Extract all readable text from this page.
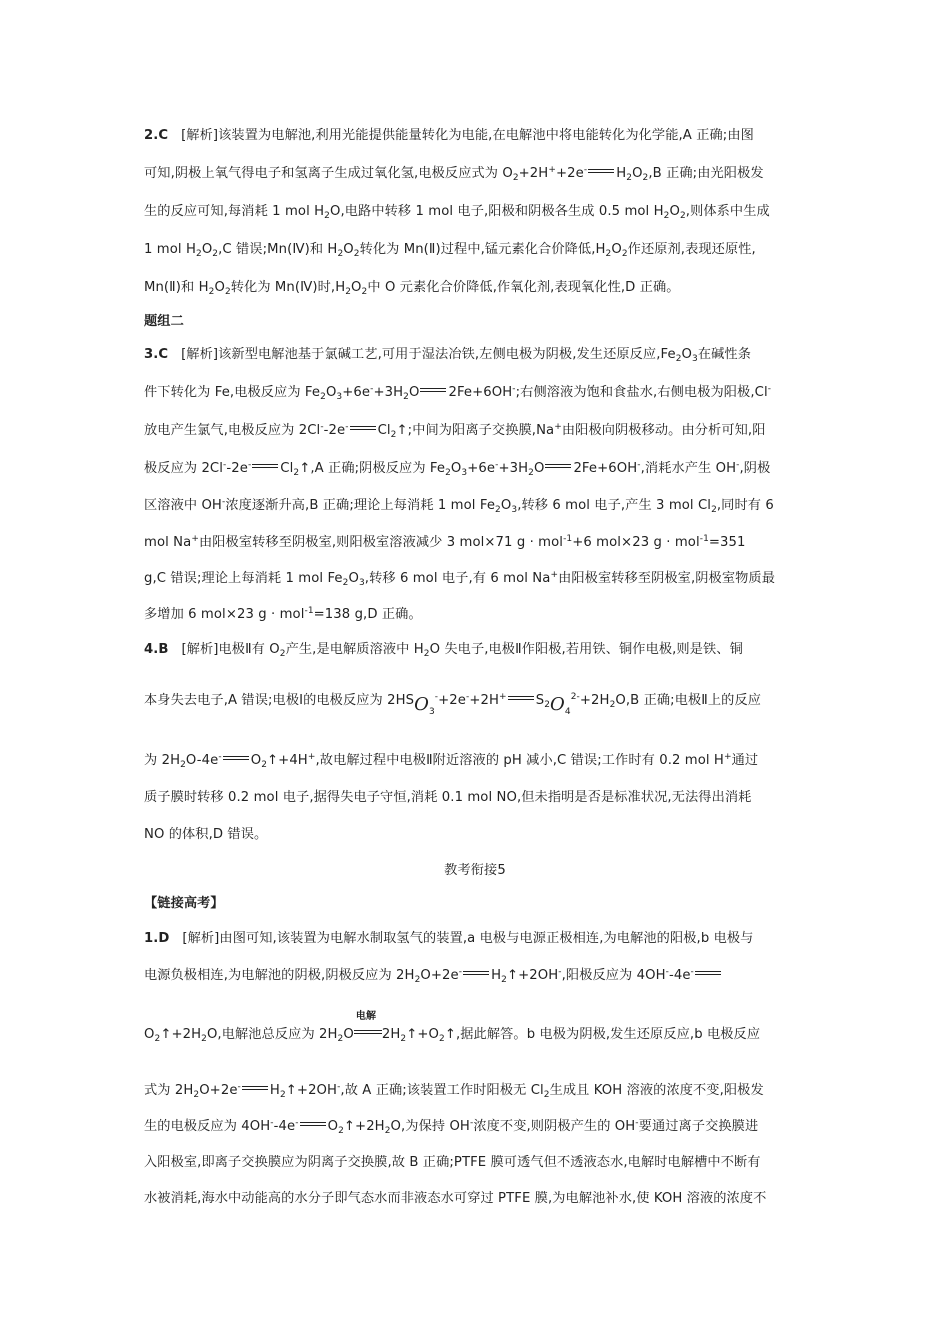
2.C [解析]该装置为电解池,利用光能提供能量转化为电能,在电解池中将电能转化为化学能,A 正确;由图
可知,阴极上氧气得电子和氢离子生成过氧化氢,电极反应式为 $O_2+2H^++2e^-$ $H_2O_2,B$ 正确;由光阳极发
生的反应可知,每消耗 1 mol $H_2O$,电路中转移 1 mol 电子,阳极和阴极各生成 0.5 mol $H_2O_2$,则体系中生成
1 mol $H_2O_2,C$ 错误;Mn(Ⅳ)和 $H_2O_2$转化为 Mn(Ⅱ)过程中,锰元素化合价降低$,H_2O_2$作还原剂,表现还原性,
Mn(Ⅱ)和 $H_2O_2$转化为 Mn(Ⅳ)时$,H_2O_2$中 O 元素化合价降低,作氧化剂,表现氧化性,D 正确。
题组二
3.C [解析]该新型电解池基于氯碱工艺,可用于湿法冶铁,左侧电极为阴极,发生还原反应$,Fe_2O_3$在碱性条
件下转化为 Fe,电极反应为 $Fe_2O_3+6e^-+3H_2O$ 2Fe+6OH-;右侧溶液为饱和食盐水,右侧电极为阳极,Cl-
放电产生氯气,电极反应为 2Cl--2e- $Cl_2↑$;中间为阳离子交换膜,Na+由阳极向阴极移动。由分析可知,阳
极反应为 2Cl--2e- $Cl_2↑,A$ 正确;阴极反应为 $Fe_2O_3+6e^-+3H_2O$ 2Fe+6OH-,消耗水产生 OH-,阴极
区溶液中 OH-浓度逐渐升高,B 正确;理论上每消耗 1 mol $Fe_2O_3$,转移 6 mol 电子,产生 3 mol $Cl_2$,同时有 6
mol Na+由阳极室转移至阴极室,则阳极室溶液减少 3 mol×71 g · mol$^{-1}$+6 mol×23 g · mol$^{-1}$=351
g,C 错误;理论上每消耗 1 mol $Fe_2O_3$,转移 6 mol 电子,有 6 mol Na+由阳极室转移至阴极室,阴极室物质最
多增加 6 mol×23 g · mol$^{-1}$=138 g,D 正确。
4.B [解析]电极Ⅱ有 $O_2$产生,是电解质溶液中 $H_2O$ 失电子,电极Ⅱ作阳极,若用铁、铜作电极,则是铁、铜
本身失去电子,A 错误;电极Ⅰ的电极反应为 $2HSO_3^-+2e^-+2H^+$ $S_2O_4^{2-}+2H_2O,B$ 正确;电极Ⅱ上的反应
为 $2H_2O-4e^-$ $O_2↑+4H^+$,故电解过程中电极Ⅱ附近溶液的 pH 减小,C 错误;工作时有 0.2 mol H+通过
质子膜时转移 0.2 mol 电子,据得失电子守恒,消耗 0.1 mol NO,但未指明是否是标准状况,无法得出消耗
NO 的体积,D 错误。
教考衔接5
【链接高考】
1.D [解析]由图可知,该装置为电解水制取氢气的装置,a 电极与电源正极相连,为电解池的阳极,b 电极与
电源负极相连,为电解池的阴极,阴极反应为 $2H_2O+2e^-$ $H_2↑+2OH^-$,阳极反应为 4OH--4e-
$O_2↑+2H_2O$,电解池总反应为 $2H_2O$
电解
$2H_2↑+O_2↑$,据此解答。b 电极为阴极,发生还原反应,b 电极反应
式为 $2H_2O+2e^-$ $H_2↑+2OH^-$,故 A 正确;该装置工作时阳极无 $Cl_2$生成且 KOH 溶液的浓度不变,阳极发
生的电极反应为 4OH--4e- $O_2↑+2H_2O$,为保持 OH-浓度不变,则阴极产生的 OH-要通过离子交换膜进
入阳极室,即离子交换膜应为阴离子交换膜,故 B 正确;PTFE 膜可透气但不透液态水,电解时电解槽中不断有
水被消耗,海水中动能高的水分子即气态水而非液态水可穿过 PTFE 膜,为电解池补水,使 KOH 溶液的浓度不
